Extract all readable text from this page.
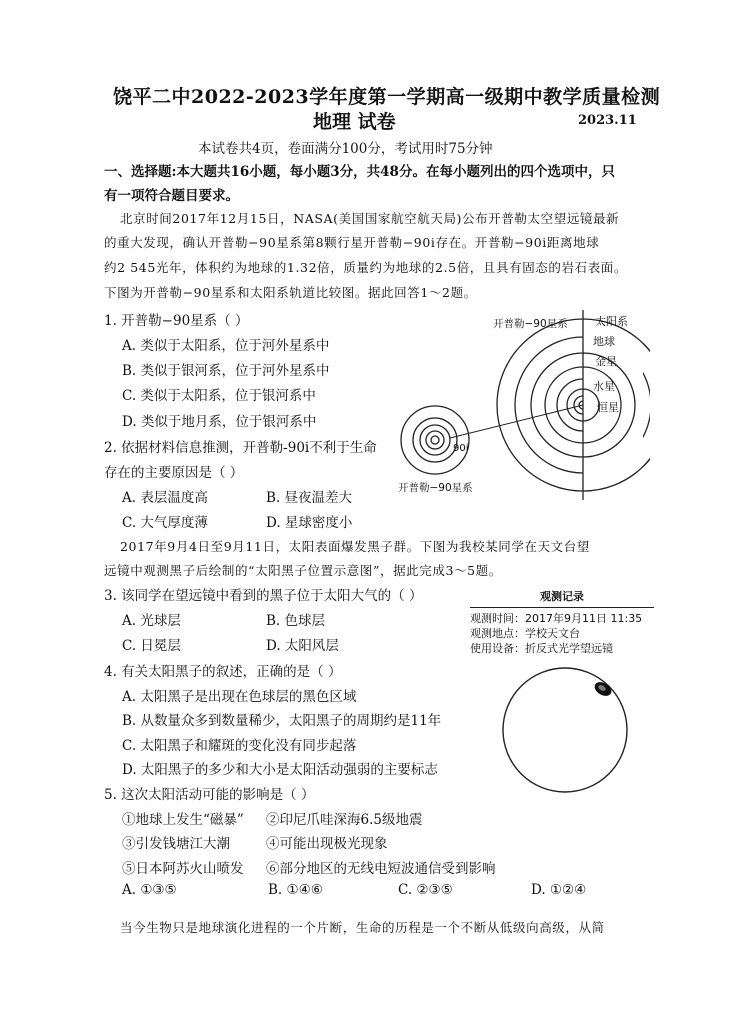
饶平二中2022-2023学年度第一学期高一级期中教学质量检测
地理 试卷	2023.11
本试卷共4页，卷面满分100分，考试用时75分钟
一、选择题:本大题共16小题，每小题3分，共48分。在每小题列出的四个选项中，只
有一项符合题目要求。
北京时间2017年12月15日，NASA(美国国家航空航天局)公布开普勒太空望远镜最新
的重大发现，确认开普勒−90星系第8颗行星开普勒−90i存在。开普勒−90i距离地球
约2 545光年，体积约为地球的1.32倍，质量约为地球的2.5倍，且具有固态的岩石表面。
下图为开普勒−90星系和太阳系轨道比较图。据此回答1～2题。
1. 开普勒−90星系（ ）
A. 类似于太阳系，位于河外星系中
B. 类似于银河系，位于河外星系中
C. 类似于太阳系，位于银河系中
D. 类似于地月系，位于银河系中
2. 依据材料信息推测，开普勒-90i不利于生命
存在的主要原因是（ ）
A. 表层温度高	B. 昼夜温差大
C. 大气厚度薄	D. 星球密度小
开普勒−90星系 太阳系
地球
金星
水星
恒星
90i
开普勒−90星系
2017年9月4日至9月11日，太阳表面爆发黑子群。下图为我校某同学在天文台望
远镜中观测黑子后绘制的“太阳黑子位置示意图”，据此完成3～5题。
3. 该同学在望远镜中看到的黑子位于太阳大气的（ ）
A. 光球层	B. 色球层
C. 日冕层	D. 太阳风层
观测记录
观测时间：2017年9月11日 11:35
观测地点：学校天文台
使用设备：折反式光学望远镜
4. 有关太阳黑子的叙述，正确的是（ ）
A. 太阳黑子是出现在色球层的黑色区域
B. 从数量众多到数量稀少，太阳黑子的周期约是11年
C. 太阳黑子和耀斑的变化没有同步起落
D. 太阳黑子的多少和大小是太阳活动强弱的主要标志
5. 这次太阳活动可能的影响是（ ）
①地球上发生“磁暴” ②印尼爪哇深海6.5级地震
③引发钱塘江大潮	④可能出现极光现象
⑤日本阿苏火山喷发 ⑥部分地区的无线电短波通信受到影响
A. ①③⑤	B. ①④⑥	C. ②③⑤	D. ①②④
当今生物只是地球演化进程的一个片断，生命的历程是一个不断从低级向高级，从简
